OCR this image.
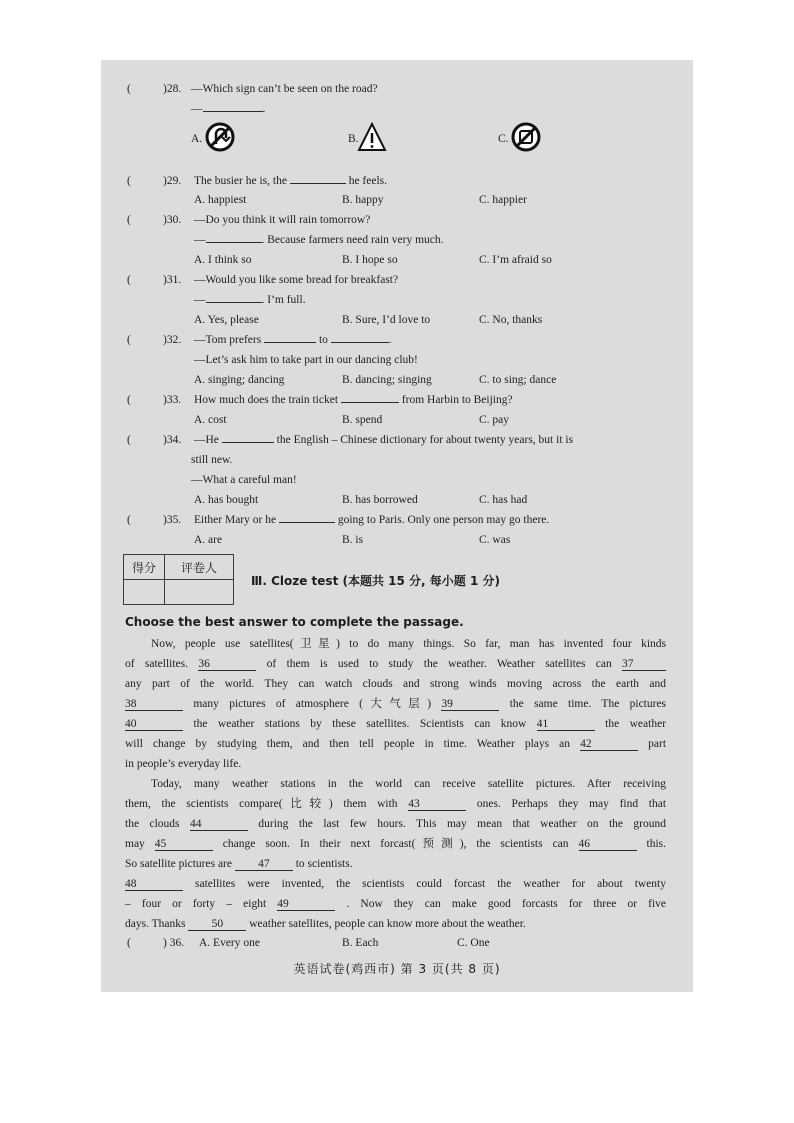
(	)28. —Which sign can’t be seen on the road?
—	.
A.	B.	C.
(	)29. The busier he is, the	he feels.
A. happiest	B. happy	C. happier
(	)30. —Do you think it will rain tomorrow?
—	. Because farmers need rain very much.
A. I think so	B. I hope so	C. I’m afraid so
(	)31. —Would you like some bread for breakfast?
—	. I’m full.
A. Yes, please	B. Sure, I’d love to	C. No, thanks
(	)32. —Tom prefers	to	.
—Let’s ask him to take part in our dancing club!
A. singing; dancing	B. dancing; singing	C. to sing; dance
(	)33. How much does the train ticket	from Harbin to Beijing?
A. cost	B. spend	C. pay
(	)34. —He	the English – Chinese dictionary for about twenty years, but it is
still new.
—What a careful man!
A. has bought	B. has borrowed	C. has had
(	)35. Either Mary or he	going to Paris. Only one person may go there.
A. are	B. is	C. was
得分	评卷人

Ⅲ. Cloze test (本题共 15 分, 每小题 1 分)
Choose the best answer to complete the passage.
Now, people use satellites(卫星) to do many things. So far, man has invented four kinds
of satellites. 36	of them is used to study the weather. Weather satellites can 37
any part of the world. They can watch clouds and strong winds moving across the earth and
38	many pictures of atmosphere (大气层) 39	the same time. The pictures
40	the weather stations by these satellites. Scientists can know 41	the weather
will change by studying them, and then tell people in time. Weather plays an 42	part
in people’s everyday life.
Today, many weather stations in the world can receive satellite pictures. After receiving
them, the scientists compare(比较) them with 43	ones. Perhaps they may find that
the clouds 44	during the last few hours. This may mean that weather on the ground
may 45	change soon. In their next forcast(预测), the scientists can 46	this.
So satellite pictures are 47 to scientists.
48	satellites were invented, the scientists could forcast the weather for about twenty
– four or forty – eight 49	. Now they can make good forcasts for three or five
days. Thanks 50 weather satellites, people can know more about the weather.
(	) 36. A. Every one	B. Each	C. One
英语试卷(鸡西市) 第 3 页(共 8 页)
